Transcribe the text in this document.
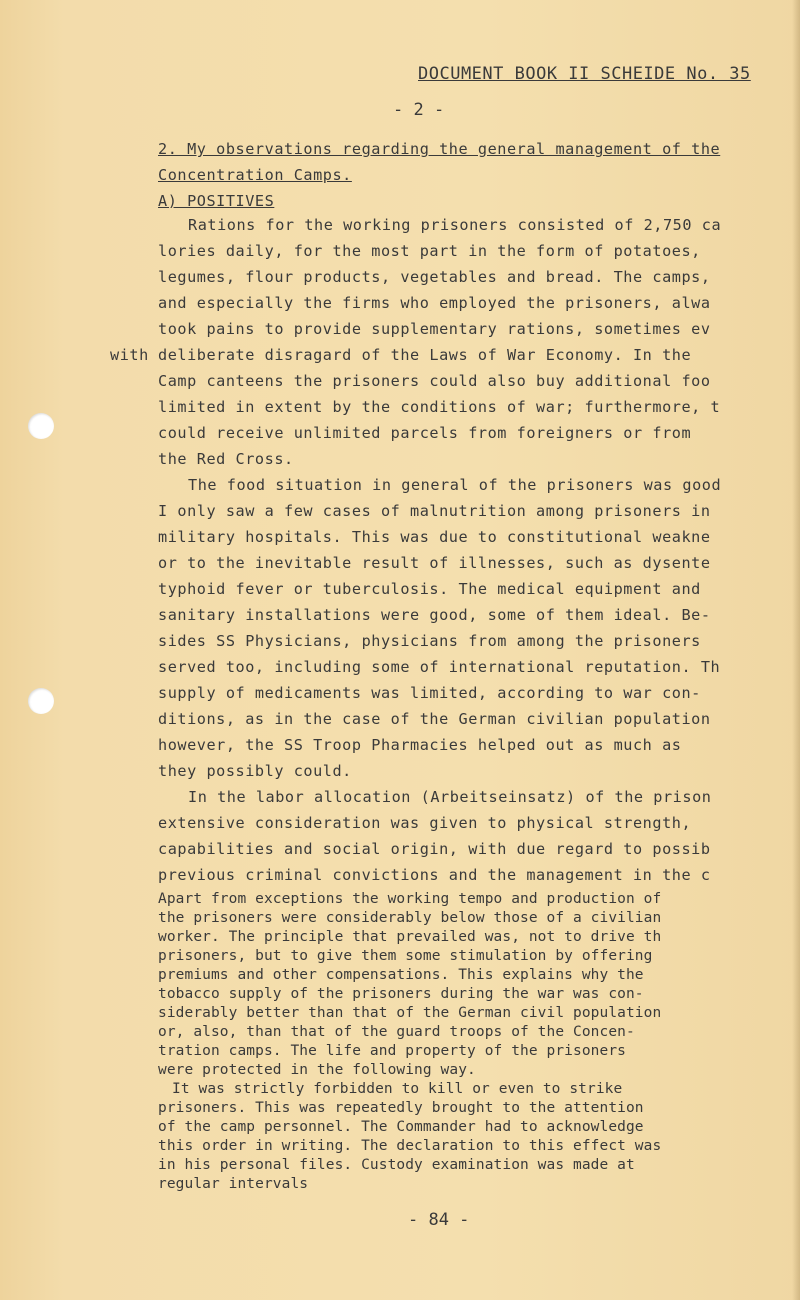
DOCUMENT BOOK II SCHEIDE No. 35
- 2 -
2. My observations regarding the general management of the
Concentration Camps.
A) POSITIVES
Rations for the working prisoners consisted of 2,750 ca
lories daily, for the most part in the form of potatoes,
legumes, flour products, vegetables and bread. The camps,
and especially the firms who employed the prisoners, alwa
took pains to provide supplementary rations, sometimes ev
with deliberate disragard of the Laws of War Economy. In the
Camp canteens the prisoners could also buy additional foo
limited in extent by the conditions of war; furthermore, t
could receive unlimited parcels from foreigners or from
the Red Cross.
The food situation in general of the prisoners was good
I only saw a few cases of malnutrition among prisoners in
military hospitals. This was due to constitutional weakne
or to the inevitable result of illnesses, such as dysente
typhoid fever or tuberculosis. The medical equipment and
sanitary installations were good, some of them ideal. Be-
sides SS Physicians, physicians from among the prisoners
served too, including some of international reputation. Th
supply of medicaments was limited, according to war con-
ditions, as in the case of the German civilian population
however, the SS Troop Pharmacies helped out as much as
they possibly could.
In the labor allocation (Arbeitseinsatz) of the prison
extensive consideration was given to physical strength,
capabilities and social origin, with due regard to possib
previous criminal convictions and the management in the c
Apart from exceptions the working tempo and production of
the prisoners were considerably below those of a civilian
worker. The principle that prevailed was, not to drive th
prisoners, but to give them some stimulation by offering
premiums and other compensations. This explains why the
tobacco supply of the prisoners during the war was con-
siderably better than that of the German civil population
or, also, than that of the guard troops of the Concen-
tration camps. The life and property of the prisoners
were protected in the following way.
It was strictly forbidden to kill or even to strike
prisoners. This was repeatedly brought to the attention
of the camp personnel. The Commander had to acknowledge
this order in writing. The declaration to this effect was
in his personal files. Custody examination was made at
regular intervals
- 84 -
